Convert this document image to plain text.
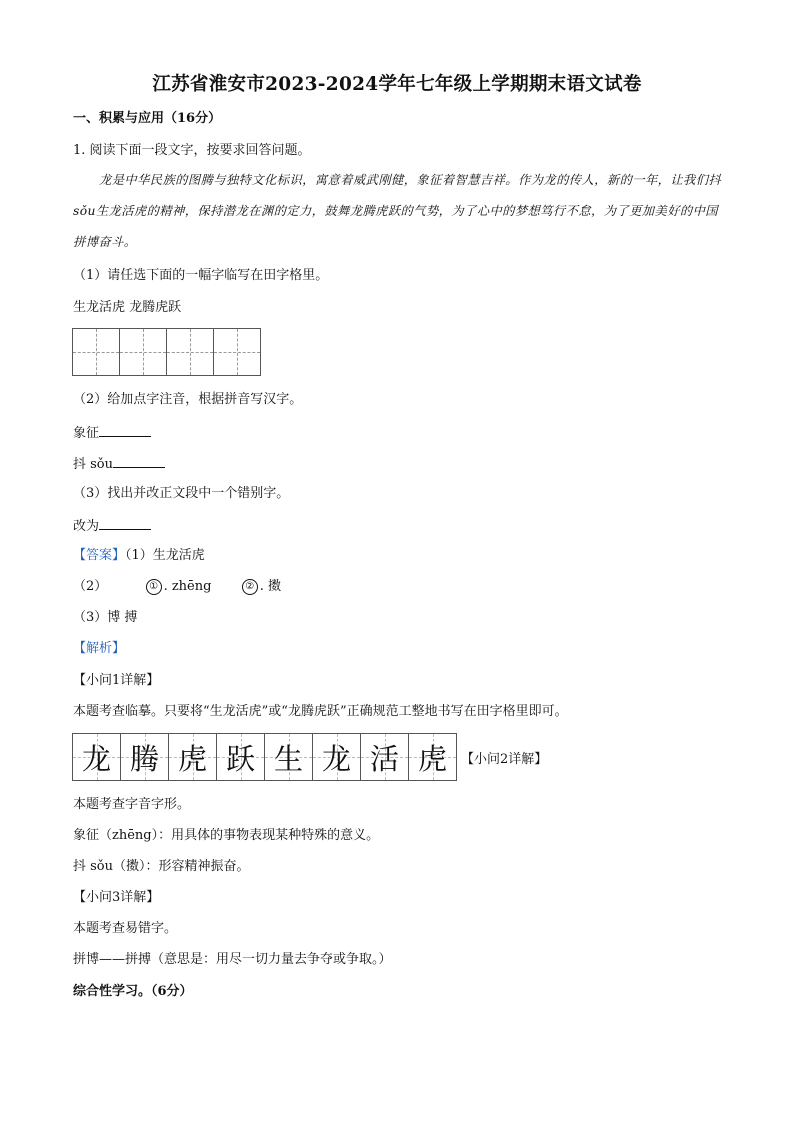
江苏省淮安市2023-2024学年七年级上学期期末语文试卷
一、积累与应用（16分）
1. 阅读下面一段文字，按要求回答问题。
龙是中华民族的图腾与独特文化标识，寓意着威武刚健，象征着智慧吉祥。作为龙的传人，新的一年，让我们抖 sǒu生龙活虎的精神，保持潜龙在渊的定力，鼓舞龙腾虎跃的气势，为了心中的梦想笃行不怠，为了更加美好的中国拼博奋斗。
（1）请任选下面的一幅字临写在田字格里。
生龙活虎 龙腾虎跃
（2）给加点字注音，根据拼音写汉字。
象征
抖 sǒu
（3）找出并改正文段中一个错别字。
改为
【答案】（1）生龙活虎
（2）	① . zhēng	② . 擞
（3）博 搏
【解析】
【小问1详解】
本题考查临摹。只要将“生龙活虎”或“龙腾虎跃”正确规范工整地书写在田字格里即可。
龙 腾 虎 跃 生 龙 活 虎 【小问2详解】
本题考查字音字形。
象征（zhēng）：用具体的事物表现某种特殊的意义。
抖 sǒu（擞）：形容精神振奋。
【小问3详解】
本题考查易错字。
拼博——拼搏（意思是：用尽一切力量去争夺或争取。）
综合性学习。（6分）
